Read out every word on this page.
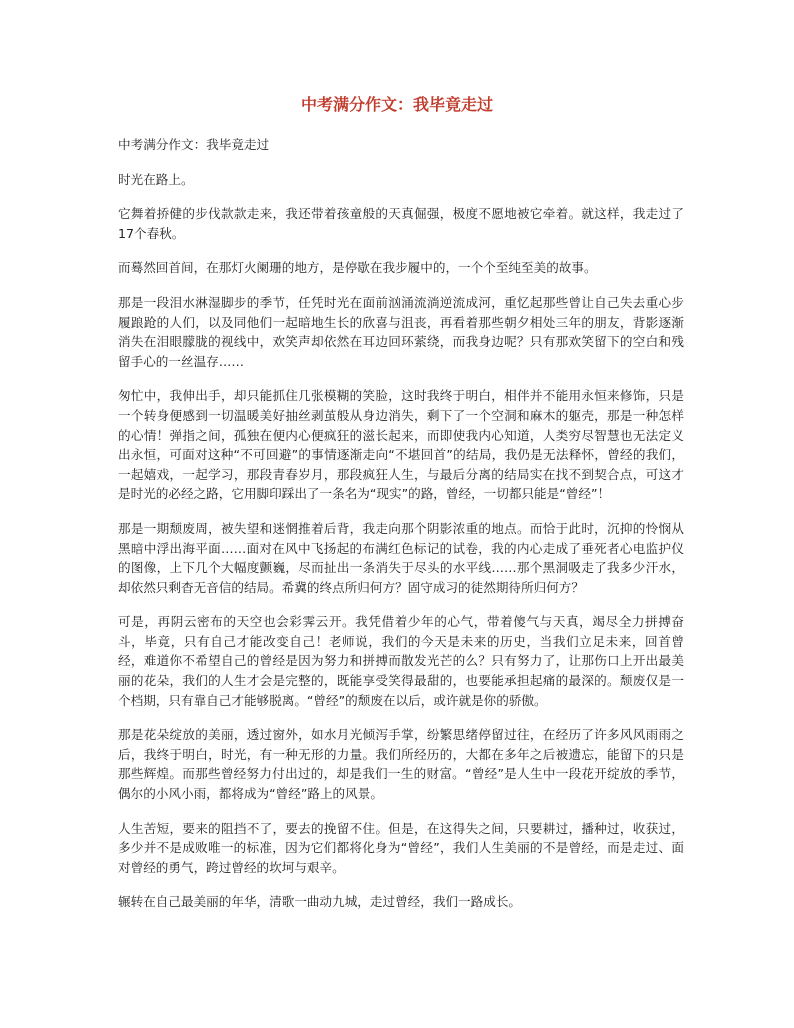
中考满分作文：我毕竟走过

中考满分作文：我毕竟走过

时光在路上。

它舞着挢健的步伐款款走来，我还带着孩童般的天真倔强，极度不愿地被它牵着。就这样，我走过了17个春秋。

而蓦然回首间，在那灯火阑珊的地方，是停歇在我步履中的，一个个至纯至美的故事。

那是一段泪水淋湿脚步的季节，任凭时光在面前汹涌流淌逆流成河，重忆起那些曾让自己失去重心步履踉跄的人们，以及同他们一起暗地生长的欣喜与沮丧，再看着那些朝夕相处三年的朋友，背影逐渐消失在泪眼朦胧的视线中，欢笑声却依然在耳边回环萦绕，而我身边呢？只有那欢笑留下的空白和残留手心的一丝温存……

匆忙中，我伸出手，却只能抓住几张模糊的笑脸，这时我终于明白，相伴并不能用永恒来修饰，只是一个转身便感到一切温暖美好抽丝剥茧般从身边消失，剩下了一个空洞和麻木的躯壳，那是一种怎样的心情！弹指之间，孤独在便内心便疯狂的滋长起来，而即使我内心知道，人类穷尽智慧也无法定义出永恒，可面对这种“不可回避”的事情逐渐走向“不堪回首”的结局，我仍是无法释怀，曾经的我们，一起嬉戏，一起学习，那段青春岁月，那段疯狂人生，与最后分离的结局实在找不到契合点，可这才是时光的必经之路，它用脚印踩出了一条名为“现实”的路，曾经，一切都只能是“曾经”！

那是一期颓废周，被失望和迷惘推着后背，我走向那个阴影浓重的地点。而恰于此时，沉抑的怜悯从黑暗中浮出海平面……面对在风中飞扬起的布满红色标记的试卷，我的内心走成了垂死者心电监护仪的图像，上下几个大幅度颤巍，尽而扯出一条消失于尽头的水平线……那个黑洞吸走了我多少汗水，却依然只剩杳无音信的结局。希冀的终点所归何方？固守成习的徒然期待所归何方？

可是，再阴云密布的天空也会彩霁云开。我凭借着少年的心气，带着傻气与天真，竭尽全力拼搏奋斗，毕竟，只有自己才能改变自己！老师说，我们的今天是未来的历史，当我们立足未来，回首曾经，难道你不希望自己的曾经是因为努力和拼搏而散发光芒的么？只有努力了，让那伤口上开出最美丽的花朵，我们的人生才会是完整的，既能享受笑得最甜的，也要能承担起痛的最深的。颓废仅是一个档期，只有靠自己才能够脱离。“曾经”的颓废在以后，或许就是你的骄傲。

那是花朵绽放的美丽，透过窗外，如水月光倾泻手掌，纷繁思绪停留过往，在经历了许多风风雨雨之后，我终于明白，时光，有一种无形的力量。我们所经历的，大都在多年之后被遗忘，能留下的只是那些辉煌。而那些曾经努力付出过的，却是我们一生的财富。“曾经”是人生中一段花开绽放的季节，偶尔的小风小雨，都将成为“曾经”路上的风景。

人生苦短，要来的阻挡不了，要去的挽留不住。但是，在这得失之间，只要耕过，播种过，收获过，多少并不是成败唯一的标准，因为它们都将化身为“曾经”，我们人生美丽的不是曾经，而是走过、面对曾经的勇气，跨过曾经的坎坷与艰辛。

辗转在自己最美丽的年华，清歌一曲动九城，走过曾经，我们一路成长。
